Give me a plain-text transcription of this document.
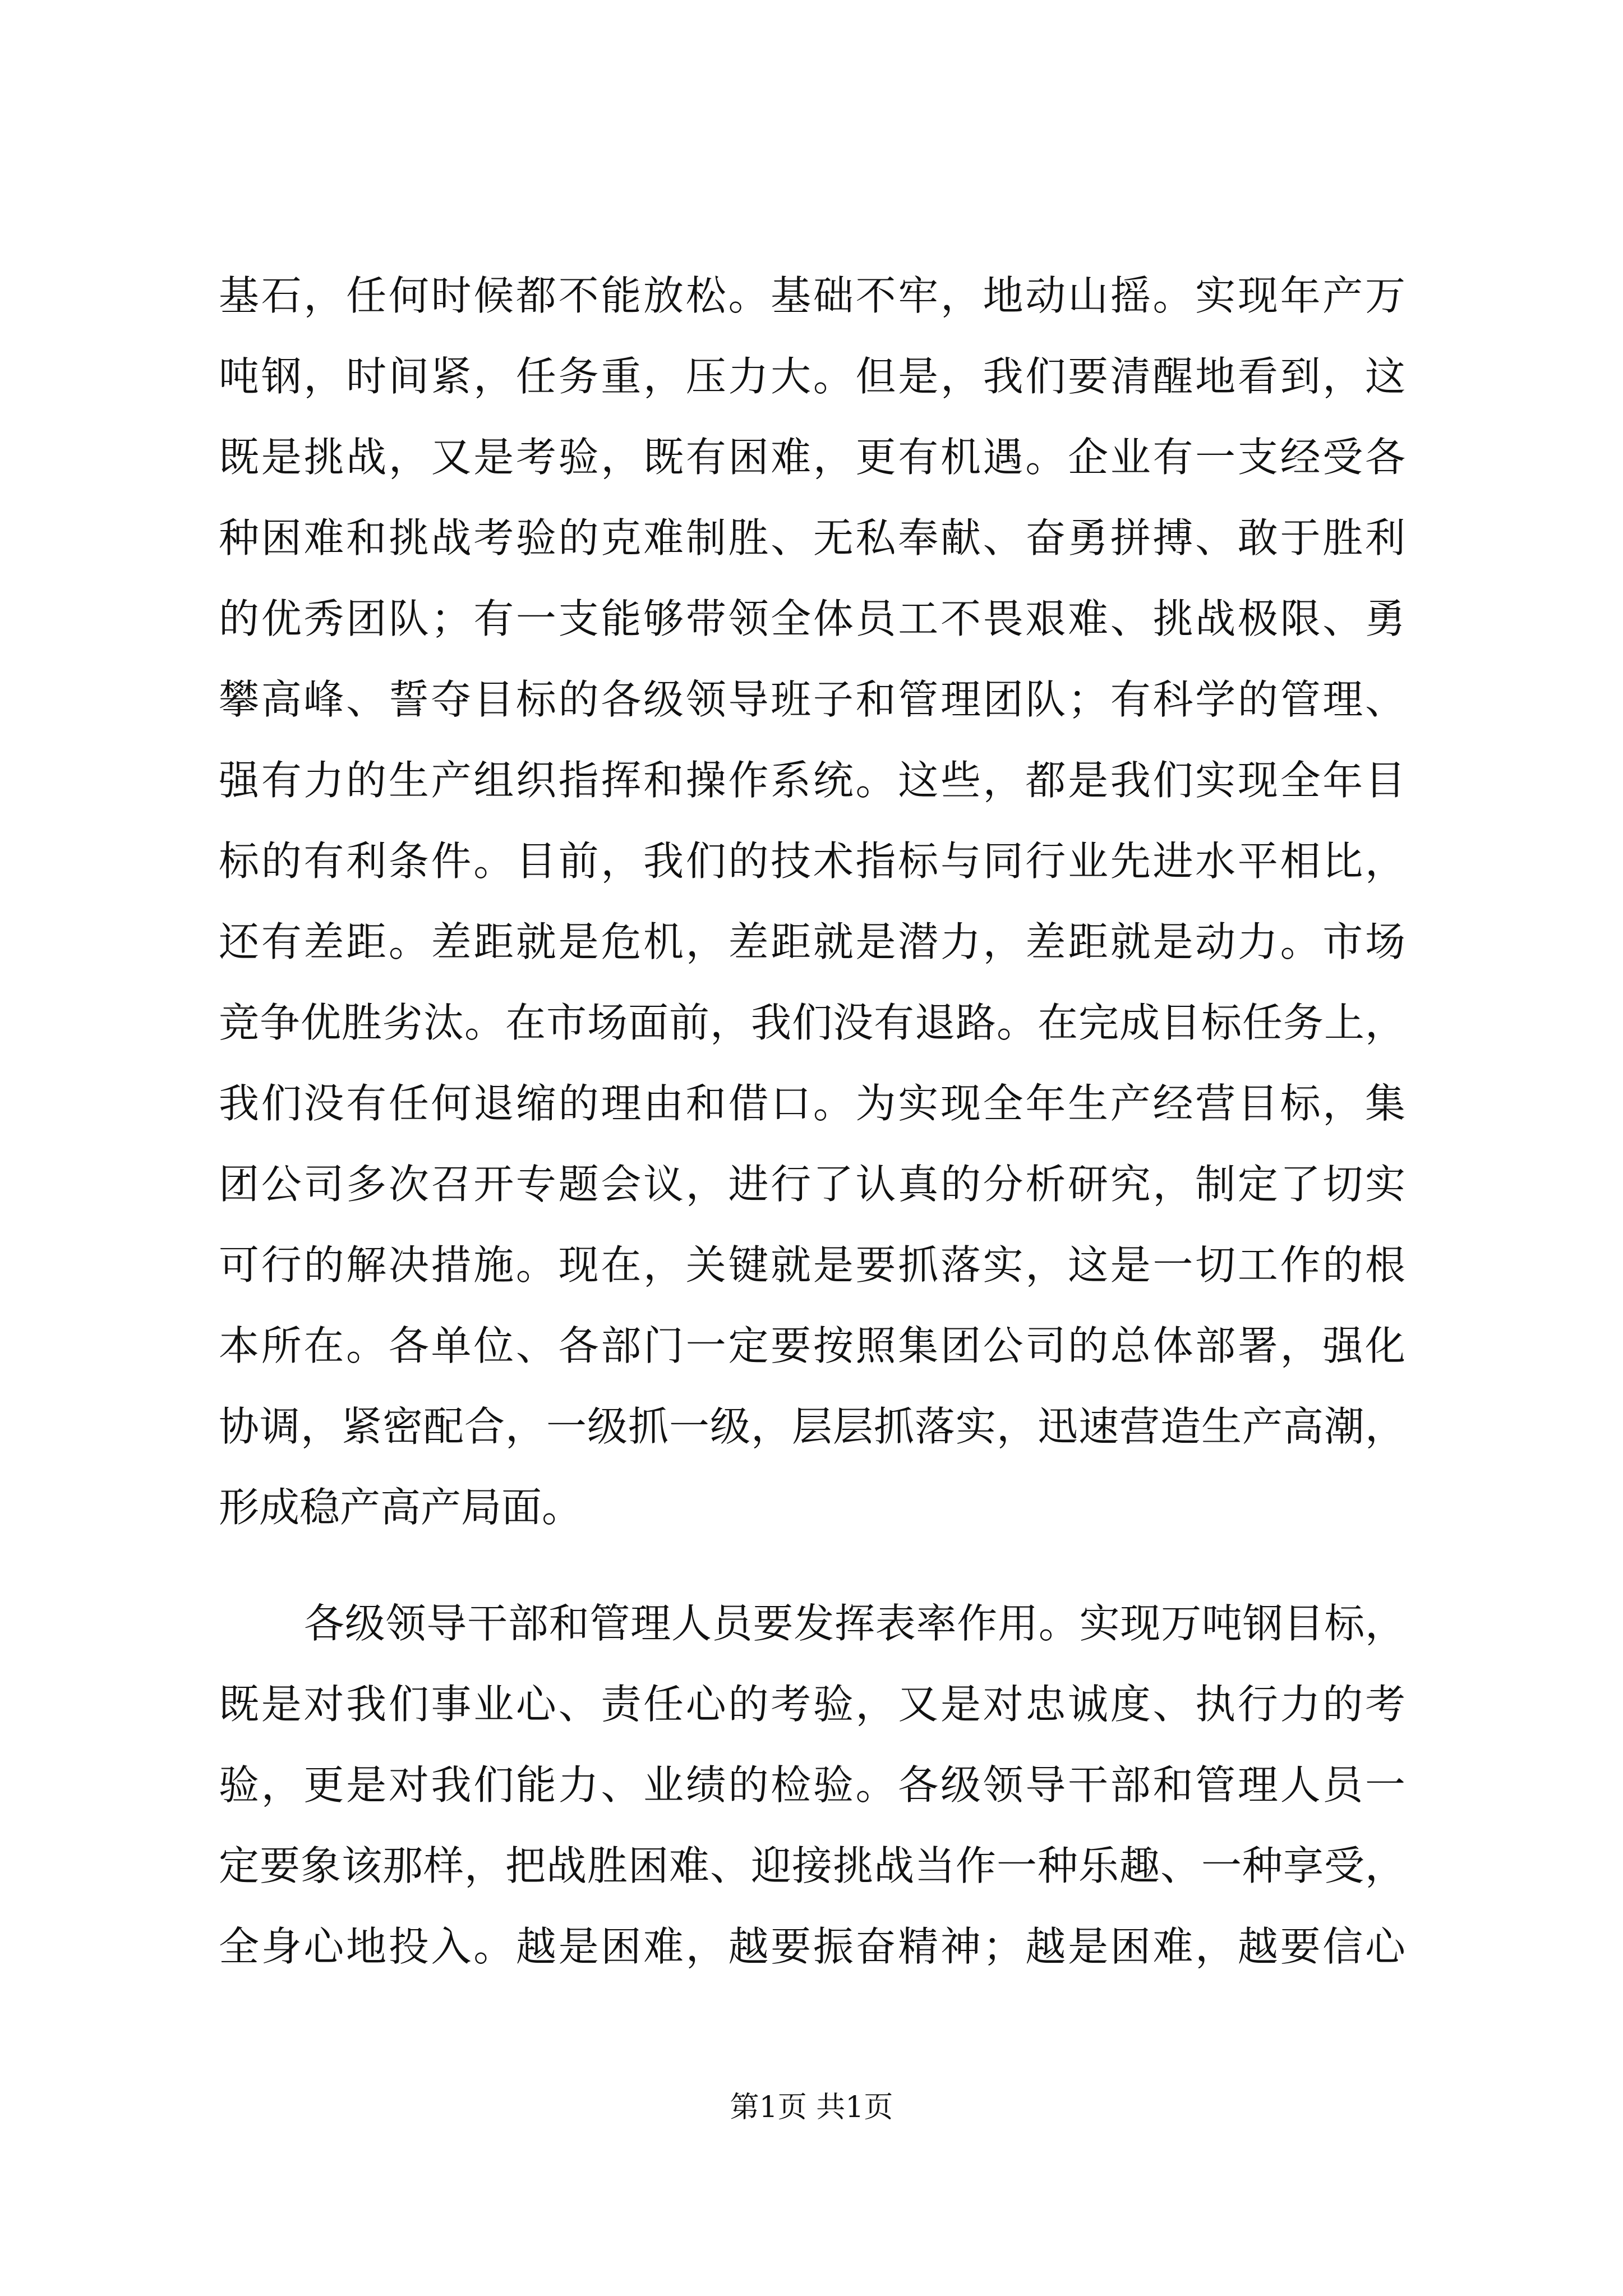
基石，任何时候都不能放松。基础不牢，地动山摇。实现年产万
吨钢，时间紧，任务重，压力大。但是，我们要清醒地看到，这
既是挑战，又是考验，既有困难，更有机遇。企业有一支经受各
种困难和挑战考验的克难制胜、无私奉献、奋勇拼搏、敢于胜利
的优秀团队；有一支能够带领全体员工不畏艰难、挑战极限、勇
攀高峰、誓夺目标的各级领导班子和管理团队；有科学的管理、
强有力的生产组织指挥和操作系统。这些，都是我们实现全年目
标的有利条件。目前，我们的技术指标与同行业先进水平相比，
还有差距。差距就是危机，差距就是潜力，差距就是动力。市场
竞争优胜劣汰。在市场面前，我们没有退路。在完成目标任务上，
我们没有任何退缩的理由和借口。为实现全年生产经营目标，集
团公司多次召开专题会议，进行了认真的分析研究，制定了切实
可行的解决措施。现在，关键就是要抓落实，这是一切工作的根
本所在。各单位、各部门一定要按照集团公司的总体部署，强化
协调，紧密配合，一级抓一级，层层抓落实，迅速营造生产高潮，
形成稳产高产局面。
各级领导干部和管理人员要发挥表率作用。实现万吨钢目标，
既是对我们事业心、责任心的考验，又是对忠诚度、执行力的考
验，更是对我们能力、业绩的检验。各级领导干部和管理人员一
定要象该那样，把战胜困难、迎接挑战当作一种乐趣、一种享受，
全身心地投入。越是困难，越要振奋精神；越是困难，越要信心
第1页 共1页
